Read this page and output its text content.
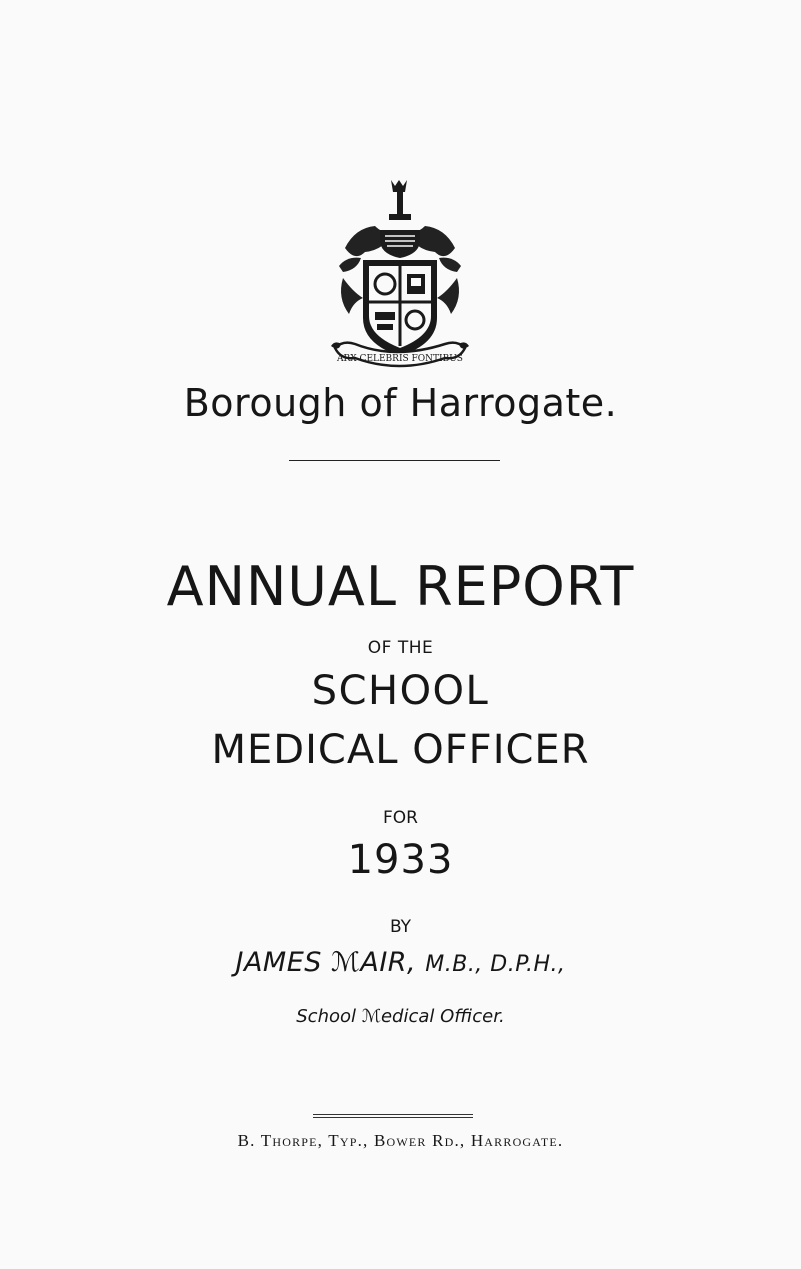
ARX CELEBRIS FONTIBUS
Borough of Harrogate.
ANNUAL REPORT
OF THE
SCHOOL
MEDICAL OFFICER
FOR
1933
BY
JAMES ℳAIR, M.B., D.P.H.,
School ℳedical Officer.
B. Thorpe, Typ., Bower Rd., Harrogate.
